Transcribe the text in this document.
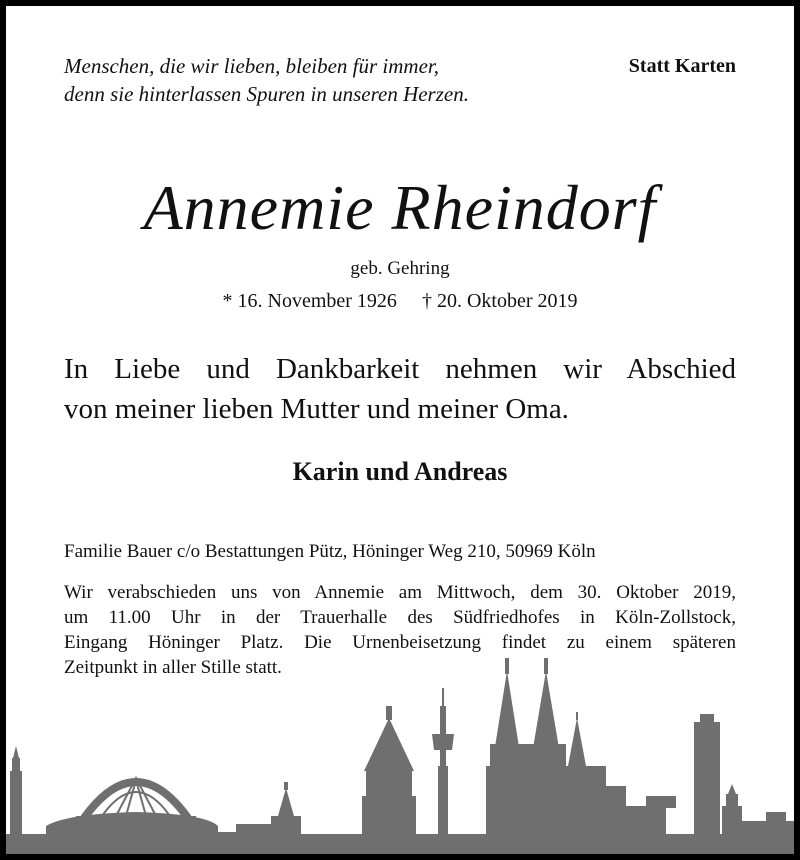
Menschen, die wir lieben, bleiben für immer,
denn sie hinterlassen Spuren in unseren Herzen.
Statt Karten
Annemie Rheindorf
geb. Gehring
* 16. November 1926 † 20. Oktober 2019
In Liebe und Dankbarkeit nehmen wir Abschied
von meiner lieben Mutter und meiner Oma.
Karin und Andreas
Familie Bauer c/o Bestattungen Pütz, Höninger Weg 210, 50969 Köln
Wir verabschieden uns von Annemie am Mittwoch, dem 30. Oktober 2019,
um 11.00 Uhr in der Trauerhalle des Südfriedhofes in Köln-Zollstock,
Eingang Höninger Platz. Die Urnenbeisetzung findet zu einem späteren
Zeitpunkt in aller Stille statt.
